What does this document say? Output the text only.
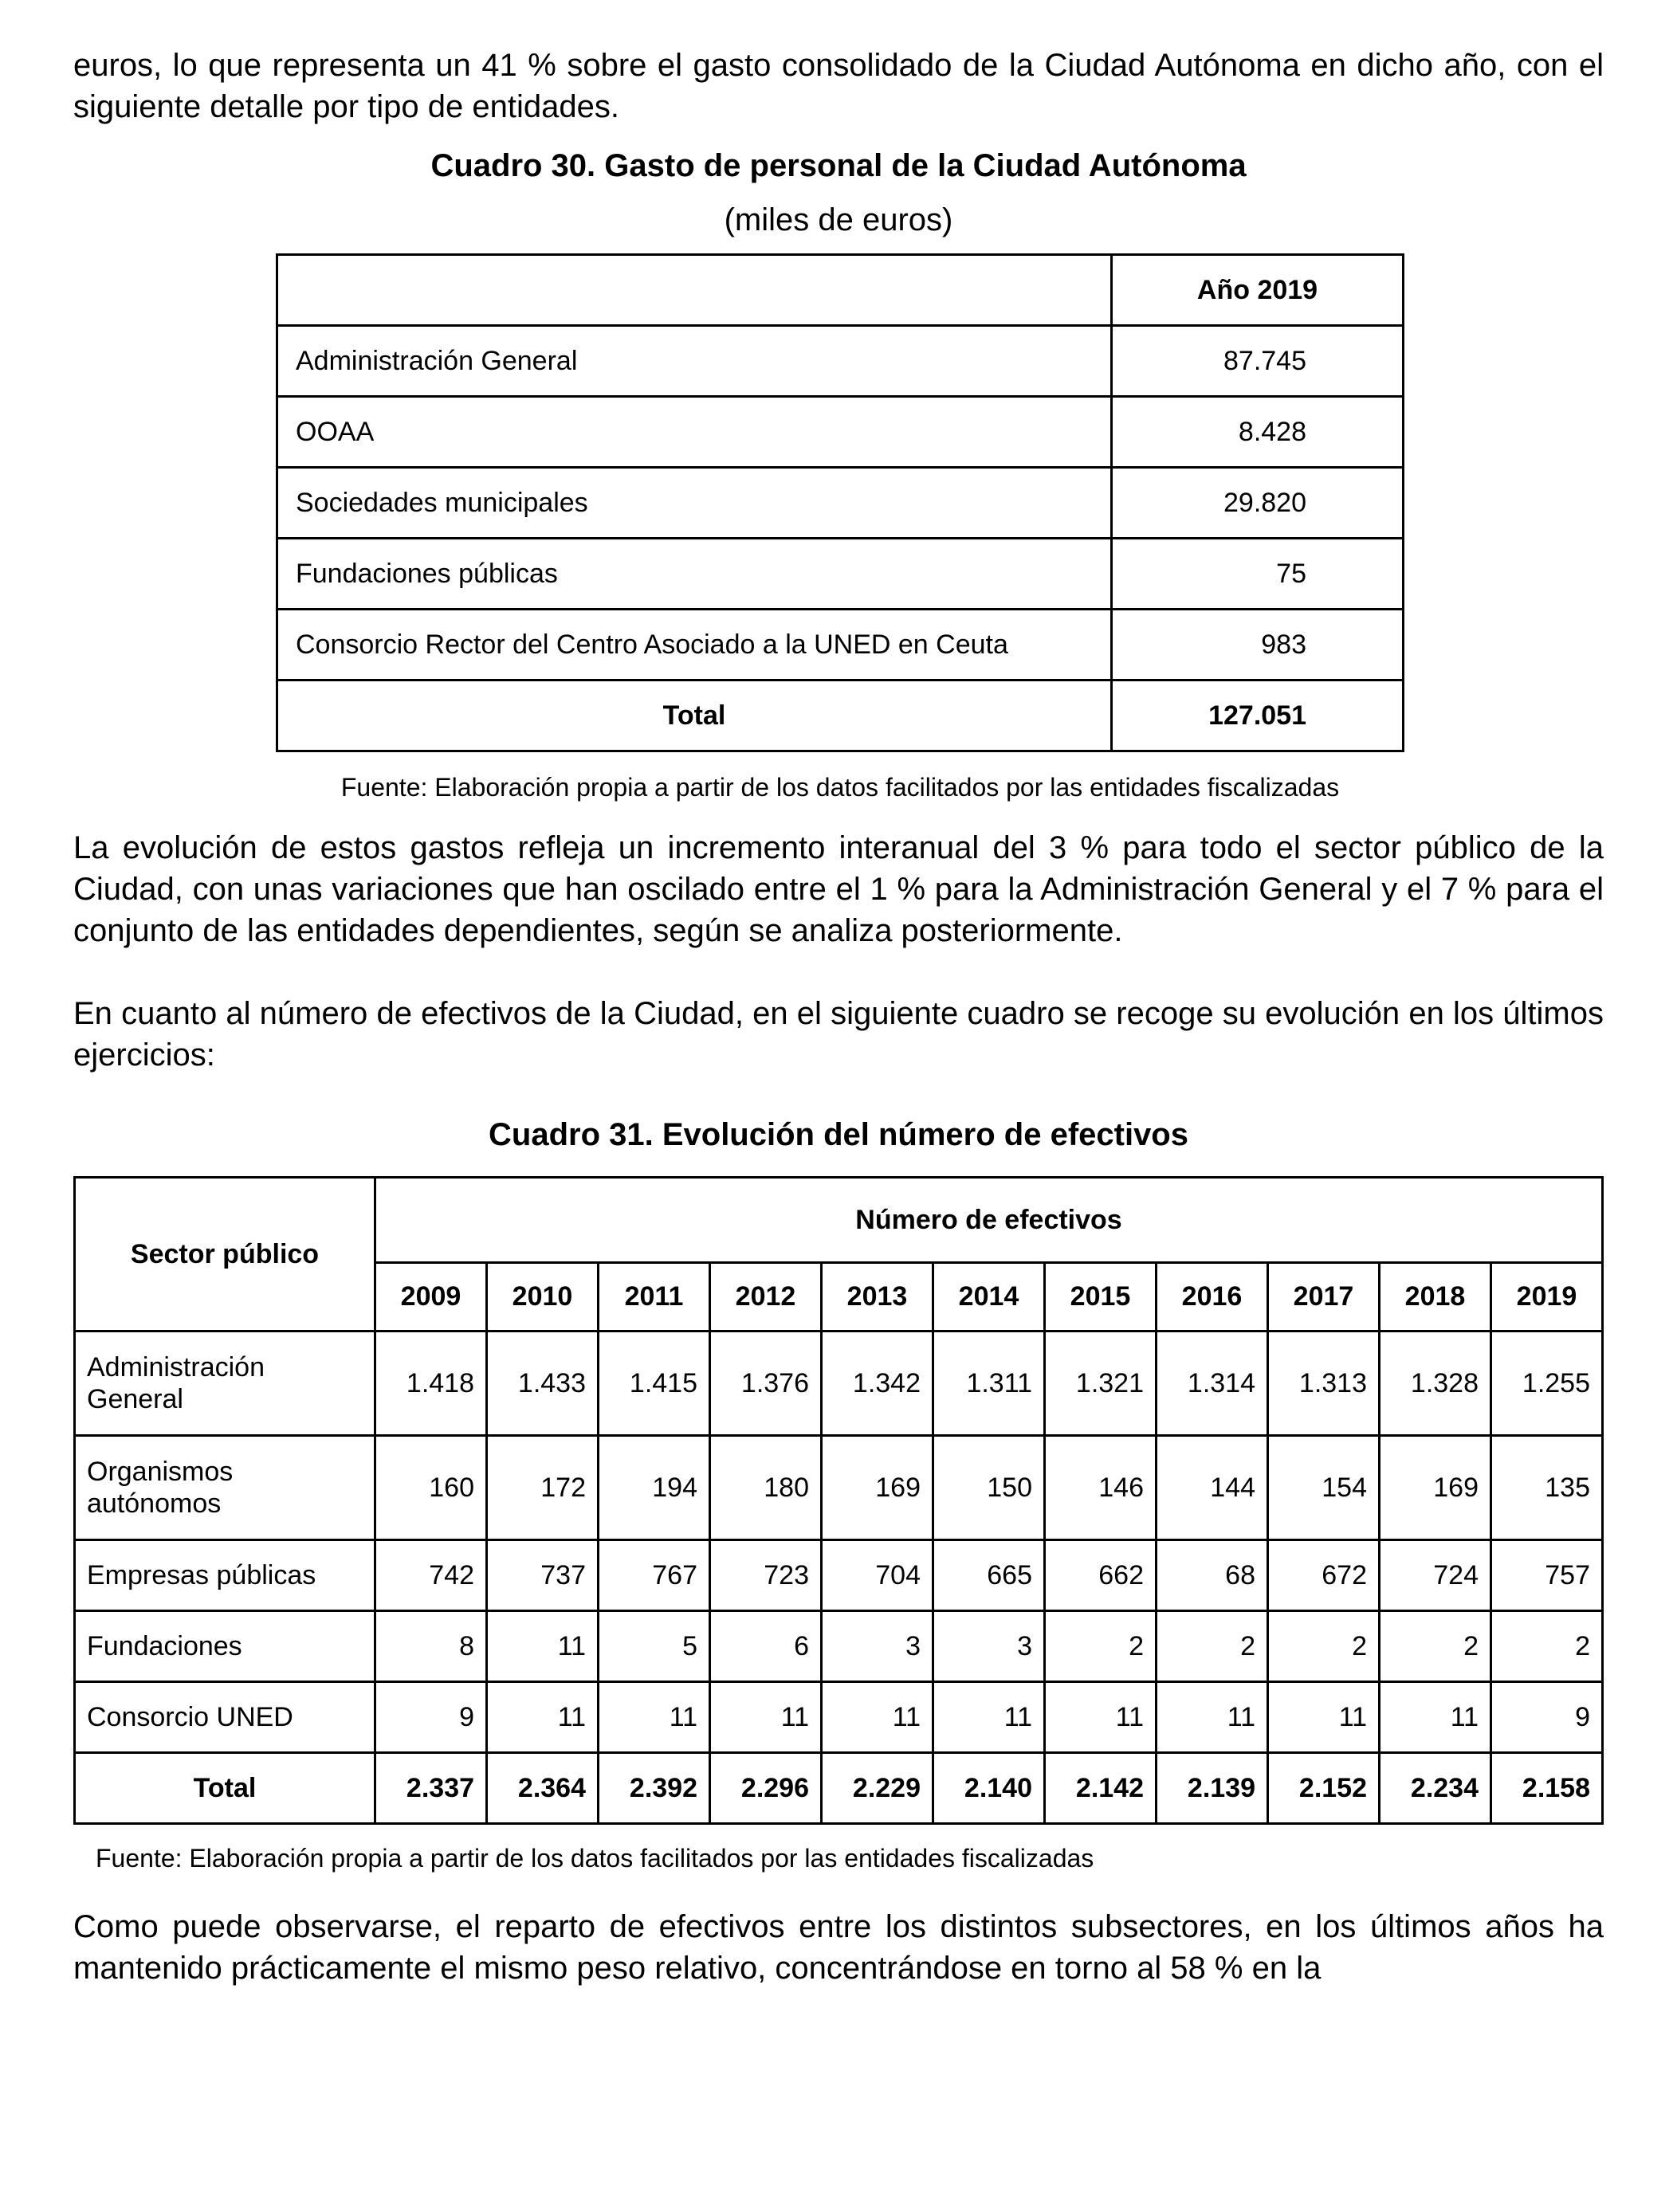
euros, lo que representa un 41 % sobre el gasto consolidado de la Ciudad Autónoma en dicho año, con el siguiente detalle por tipo de entidades.

Cuadro 30. Gasto de personal de la Ciudad Autónoma

(miles de euros)

	Año 2019
Administración General	87.745
OOAA	8.428
Sociedades municipales	29.820
Fundaciones públicas	75
Consorcio Rector del Centro Asociado a la UNED en Ceuta	983
Total	127.051

Fuente: Elaboración propia a partir de los datos facilitados por las entidades fiscalizadas

La evolución de estos gastos refleja un incremento interanual del 3 % para todo el sector público de la Ciudad, con unas variaciones que han oscilado entre el 1 % para la Administración General y el 7 % para el conjunto de las entidades dependientes, según se analiza posteriormente.

En cuanto al número de efectivos de la Ciudad, en el siguiente cuadro se recoge su evolución en los últimos ejercicios:

Cuadro 31. Evolución del número de efectivos

Sector público	Número de efectivos										
	2009	2010	2011	2012	2013	2014	2015	2016	2017	2018	2019
Administración General	1.418	1.433	1.415	1.376	1.342	1.311	1.321	1.314	1.313	1.328	1.255
Organismos autónomos	160	172	194	180	169	150	146	144	154	169	135
Empresas públicas	742	737	767	723	704	665	662	68	672	724	757
Fundaciones	8	11	5	6	3	3	2	2	2	2	2
Consorcio UNED	9	11	11	11	11	11	11	11	11	11	9
Total	2.337	2.364	2.392	2.296	2.229	2.140	2.142	2.139	2.152	2.234	2.158

Fuente: Elaboración propia a partir de los datos facilitados por las entidades fiscalizadas

Como puede observarse, el reparto de efectivos entre los distintos subsectores, en los últimos años ha mantenido prácticamente el mismo peso relativo, concentrándose en torno al 58 % en la
